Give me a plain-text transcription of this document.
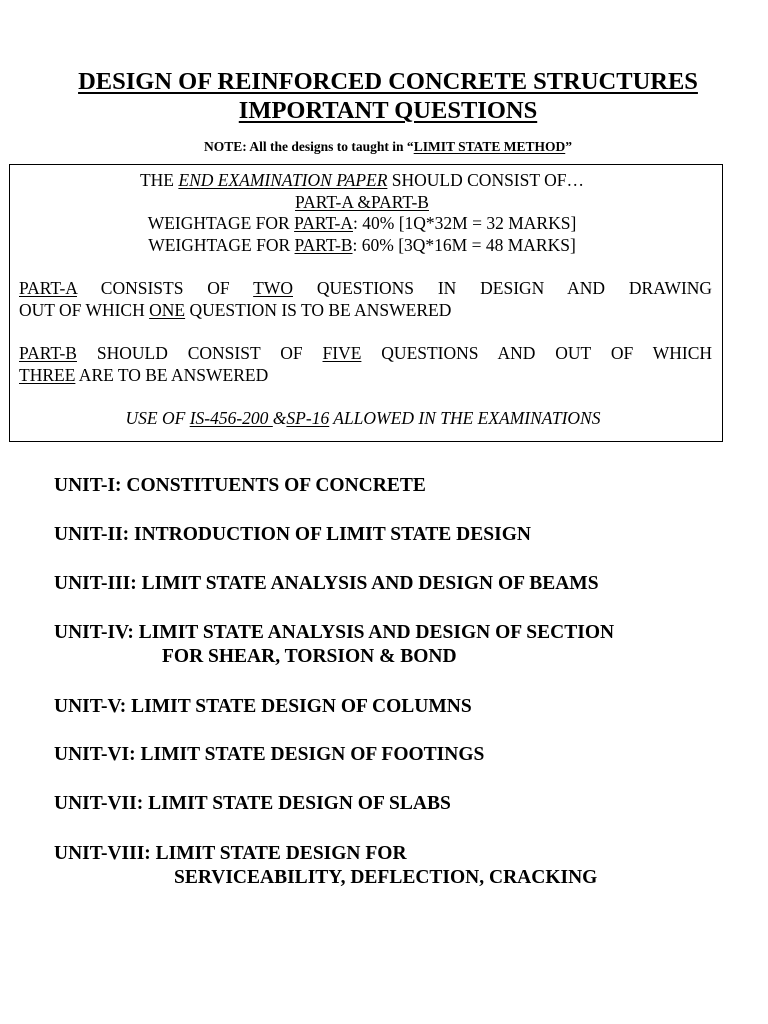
DESIGN OF REINFORCED CONCRETE STRUCTURES
IMPORTANT QUESTIONS
NOTE: All the designs to taught in “LIMIT STATE METHOD”
THE END EXAMINATION PAPER SHOULD CONSIST OF…
PART-A &PART-B
WEIGHTAGE FOR PART-A: 40% [1Q*32M = 32 MARKS]
WEIGHTAGE FOR PART-B: 60% [3Q*16M = 48 MARKS]
PART-A CONSISTS OF TWO QUESTIONS IN DESIGN AND DRAWING
OUT OF WHICH ONE QUESTION IS TO BE ANSWERED
PART-B SHOULD CONSIST OF FIVE QUESTIONS AND OUT OF WHICH
THREE ARE TO BE ANSWERED
USE OF IS-456-200 &SP-16 ALLOWED IN THE EXAMINATIONS
UNIT-I: CONSTITUENTS OF CONCRETE
UNIT-II: INTRODUCTION OF LIMIT STATE DESIGN
UNIT-III: LIMIT STATE ANALYSIS AND DESIGN OF BEAMS
UNIT-IV: LIMIT STATE ANALYSIS AND DESIGN OF SECTION
FOR SHEAR, TORSION & BOND
UNIT-V: LIMIT STATE DESIGN OF COLUMNS
UNIT-VI: LIMIT STATE DESIGN OF FOOTINGS
UNIT-VII: LIMIT STATE DESIGN OF SLABS
UNIT-VIII: LIMIT STATE DESIGN FOR
SERVICEABILITY, DEFLECTION, CRACKING
